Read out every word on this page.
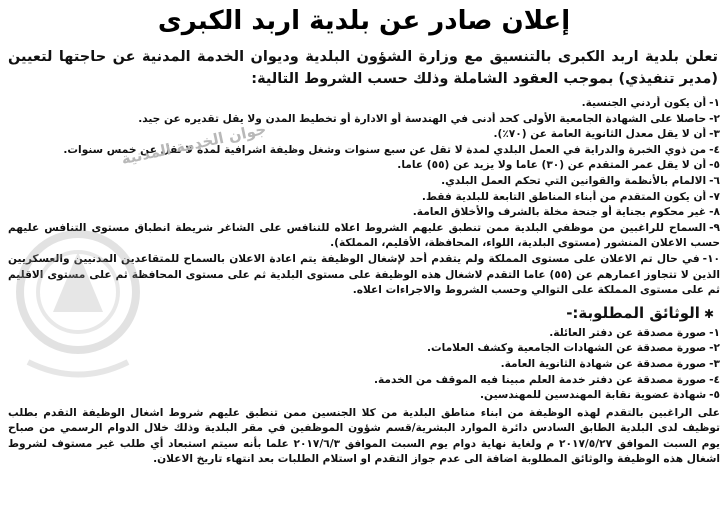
إعلان صادر عن بلدية اربد الكبرى

تعلن بلدية اربد الكبرى بالتنسيق مع وزارة الشؤون البلدية وديوان الخدمة المدنية عن حاجتها لتعيين (مدير تنفيذي) بموجب العقود الشاملة وذلك حسب الشروط التالية:

١-أن يكون أردني الجنسية.
٢-حاصلا على الشهادة الجامعية الأولى كحد أدنى في الهندسة أو الادارة أو تخطيط المدن ولا يقل تقديره عن جيد.
٣-أن لا يقل معدل الثانوية العامة عن (٧٠٪).
٤-من ذوي الخبرة والدراية في العمل البلدي لمدة لا تقل عن سبع سنوات وشغل وظيفة اشرافية لمدة لا تقل عن خمس سنوات.
٥-أن لا يقل عمر المتقدم عن (٣٠) عاما ولا يزيد عن (٥٥) عاما.
٦-الالمام بالأنظمة والقوانين التي تحكم العمل البلدي.
٧-أن يكون المتقدم من أبناء المناطق التابعة للبلدية فقط.
٨-غير محكوم بجناية أو جنحة مخلة بالشرف والأخلاق العامة.
٩-السماح للراغبين من موظفي البلدية ممن تنطبق عليهم الشروط اعلاه للتنافس على الشاغر شريطة انطباق مستوى التنافس عليهم حسب الاعلان المنشور (مستوى البلدية، اللواء، المحافظة، الأقليم، المملكة).
١٠-في حال تم الاعلان على مستوى المملكة ولم يتقدم أحد لإشغال الوظيفة يتم اعادة الاعلان بالسماح للمتقاعدين المدنيين والعسكريين الذين لا تتجاوز اعمارهم عن (٥٥) عاما التقدم لاشغال هذه الوظيفة على مستوى البلدية ثم على مستوى المحافظة ثم على مستوى الاقليم ثم على مستوى المملكة على التوالي وحسب الشروط والاجراءات اعلاه.
✱الوثائق المطلوبة:-
١-صورة مصدقة عن دفتر العائلة.
٢-صورة مصدقة عن الشهادات الجامعية وكشف العلامات.
٣-صورة مصدقة عن شهادة الثانوية العامة.
٤-صورة مصدقة عن دفتر خدمة العلم مبينا فيه الموقف من الخدمة.
٥-شهادة عضوية نقابة المهندسين للمهندسين.

على الراغبين بالتقدم لهذه الوظيفة من ابناء مناطق البلدية من كلا الجنسين ممن تنطبق عليهم شروط اشغال الوظيفة التقدم بطلب توظيف لدى البلدية الطابق السادس دائرة الموارد البشرية/قسم شؤون الموظفين في مقر البلدية وذلك خلال الدوام الرسمي من صباح يوم السبت الموافق ٢٠١٧/٥/٢٧ م ولغاية نهاية دوام يوم السبت الموافق ٢٠١٧/٦/٣ علما بأنه سيتم استبعاد أي طلب غير مستوف لشروط اشغال هذه الوظيفة والوثائق المطلوبة اضافة الى عدم جواز التقدم او استلام الطلبات بعد انتهاء تاريخ الاعلان.

جوان الخدمة المدنية
